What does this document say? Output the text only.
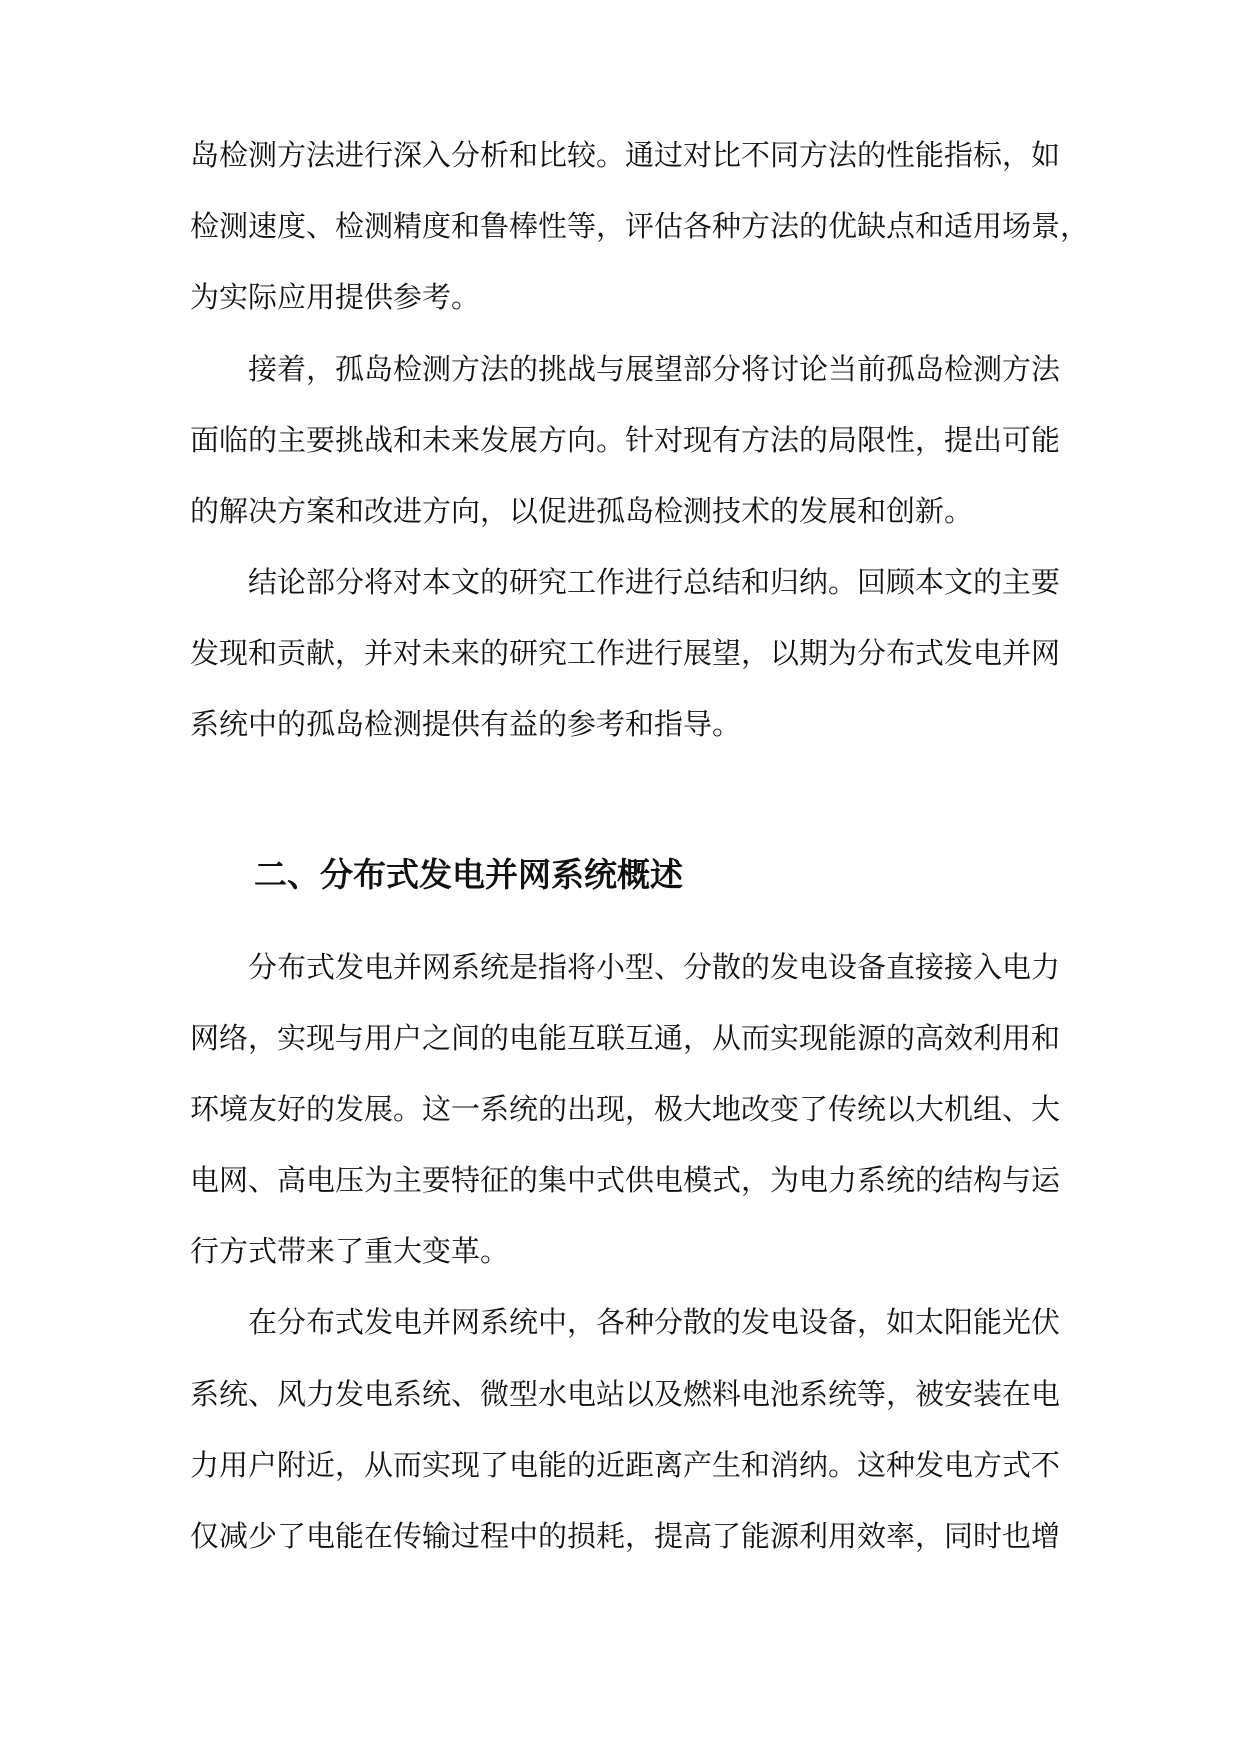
岛检测方法进行深入分析和比较。通过对比不同方法的性能指标，如
检测速度、检测精度和鲁棒性等，评估各种方法的优缺点和适用场景，
为实际应用提供参考。
接着，孤岛检测方法的挑战与展望部分将讨论当前孤岛检测方法
面临的主要挑战和未来发展方向。针对现有方法的局限性，提出可能
的解决方案和改进方向，以促进孤岛检测技术的发展和创新。
结论部分将对本文的研究工作进行总结和归纳。回顾本文的主要
发现和贡献，并对未来的研究工作进行展望，以期为分布式发电并网
系统中的孤岛检测提供有益的参考和指导。
分布式发电并网系统是指将小型、分散的发电设备直接接入电力
网络，实现与用户之间的电能互联互通，从而实现能源的高效利用和
环境友好的发展。这一系统的出现，极大地改变了传统以大机组、大
电网、高电压为主要特征的集中式供电模式，为电力系统的结构与运
行方式带来了重大变革。
在分布式发电并网系统中，各种分散的发电设备，如太阳能光伏
系统、风力发电系统、微型水电站以及燃料电池系统等，被安装在电
力用户附近，从而实现了电能的近距离产生和消纳。这种发电方式不
仅减少了电能在传输过程中的损耗，提高了能源利用效率，同时也增
二、分布式发电并网系统概述
